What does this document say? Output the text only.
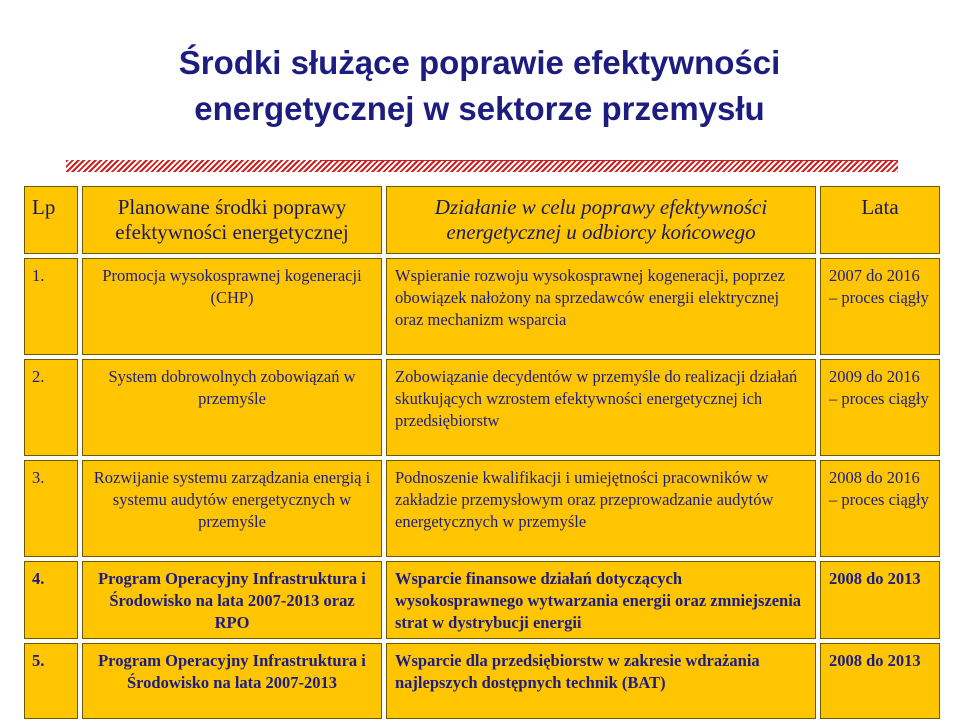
Środki służące poprawie efektywności
energetycznej w sektorze przemysłu
Lp	Planowane środki poprawy efektywności energetycznej	Działanie w celu poprawy efektywności energetycznej u odbiorcy końcowego	Lata
1.	Promocja wysokosprawnej kogeneracji (CHP)	Wspieranie rozwoju wysokosprawnej kogeneracji, poprzez obowiązek nałożony na sprzedawców energii elektrycznej oraz mechanizm wsparcia	2007 do 2016 – proces ciągły
2.	System dobrowolnych zobowiązań w przemyśle	Zobowiązanie decydentów w przemyśle do realizacji działań skutkujących wzrostem efektywności energetycznej ich przedsiębiorstw	2009 do 2016 – proces ciągły
3.	Rozwijanie systemu zarządzania energią i systemu audytów energetycznych w przemyśle	Podnoszenie kwalifikacji i umiejętności pracowników w zakładzie przemysłowym oraz przeprowadzanie audytów energetycznych w przemyśle	2008 do 2016 – proces ciągły
4.	Program Operacyjny Infrastruktura i Środowisko na lata 2007-2013 oraz RPO	Wsparcie finansowe działań dotyczących wysokosprawnego wytwarzania energii oraz zmniejszenia strat w dystrybucji energii	2008 do 2013
5.	Program Operacyjny Infrastruktura i Środowisko na lata 2007-2013	Wsparcie dla przedsiębiorstw w zakresie wdrażania najlepszych dostępnych technik (BAT)	2008 do 2013
